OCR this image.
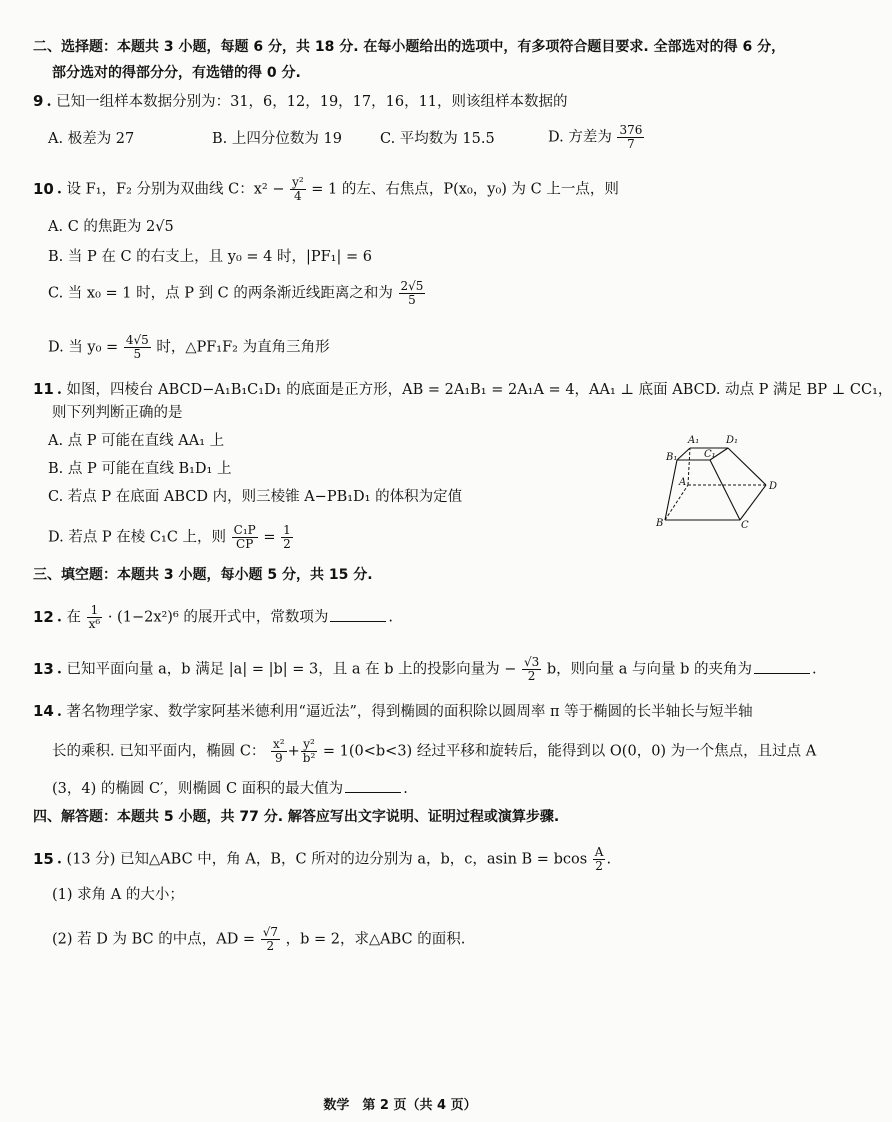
二、选择题：本题共 3 小题，每题 6 分，共 18 分. 在每小题给出的选项中，有多项符合题目要求. 全部选对的得 6 分，
部分选对的得部分分，有选错的得 0 分.
9 . 已知一组样本数据分别为：31，6，12，19，17，16，11，则该组样本数据的
A. 极差为 27	B. 上四分位数为 19	C. 平均数为 15.5	D. 方差为 $\frac{376}{7}$
10 . 设 F₁，F₂ 分别为双曲线 C：$x^2 - \frac{\text{y²}}{4} = 1$ 的左、右焦点，P(x₀，y₀) 为 C 上一点，则
A. C 的焦距为 2√5
B. 当 P 在 C 的右支上，且 y₀ = 4 时，|PF₁| = 6
C. 当 x₀ = 1 时，点 P 到 C 的两条渐近线距离之和为 $\frac{2√5}{5}$
D. 当 $y_0 = \frac{4√5}{5}$ 时，△PF₁F₂ 为直角三角形
11 . 如图，四棱台 ABCD−A₁B₁C₁D₁ 的底面是正方形，AB = 2A₁B₁ = 2A₁A = 4，AA₁ ⊥ 底面 ABCD. 动点 P 满足 BP ⊥ CC₁，
则下列判断正确的是
A. 点 P 可能在直线 AA₁ 上
B. 点 P 可能在直线 B₁D₁ 上
C. 若点 P 在底面 ABCD 内，则三棱锥 A−PB₁D₁ 的体积为定值
D. 若点 P 在棱 C₁C 上，则 $\frac{\text{C₁P}}{CP} = \frac{1}{2}$
A₁	D₁
B₁	C₁
A	D
B	C
三、填空题：本题共 3 小题，每小题 5 分，共 15 分.
12 . 在 $\frac{1}{\text{x⁶}} \cdot (1-2x^2)^6$ 的展开式中，常数项为	.
13 . 已知平面向量 a，b 满足 |a| = |b| = 3，且 a 在 b 上的投影向量为 − $\frac{√3}{2}$ b，则向量 a 与向量 b 的夹角为	.
14 . 著名物理学家、数学家阿基米德利用“逼近法”，得到椭圆的面积除以圆周率 π 等于椭圆的长半轴长与短半轴
长的乘积. 已知平面内，椭圆 C： $\frac{\text{x²}}{9} + \frac{\text{y²}}{\text{b²}} = 1(0<b<3)$ 经过平移和旋转后，能得到以 O(0，0) 为一个焦点，且过点 A
(3，4) 的椭圆 C′，则椭圆 C 面积的最大值为	.
四、解答题：本题共 5 小题，共 77 分. 解答应写出文字说明、证明过程或演算步骤.
15 . (13 分) 已知△ABC 中，角 A，B，C 所对的边分别为 a，b，c，asin B = bcos $\frac{A}{2}$ .
(1) 求角 A 的大小；
(2) 若 D 为 BC 的中点，AD = $\frac{√7}{2}$ ，b = 2，求△ABC 的面积.
数学　第 2 页（共 4 页）
